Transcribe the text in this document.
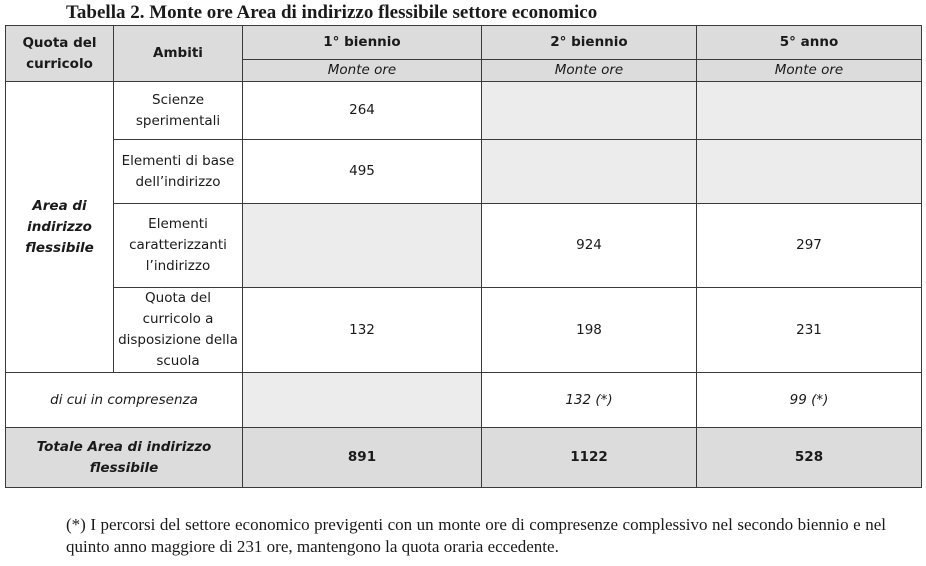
Tabella 2. Monte ore Area di indirizzo flessibile settore economico
Quota del curricolo	Ambiti	1° biennio	2° biennio	5° anno
		Monte ore	Monte ore	Monte ore
Area di indirizzo flessibile	Scienze sperimentali	264		
	Elementi di base dell’indirizzo	495		
	Elementi caratterizzanti l’indirizzo		924	297
	Quota del curricolo a disposizione della scuola	132	198	231
di cui in compresenza			132 (*)	99 (*)
Totale Area di indirizzo flessibile		891	1122	528
(*) I percorsi del settore economico previgenti con un monte ore di compresenze complessivo nel secondo biennio e nel quinto anno maggiore di 231 ore, mantengono la quota oraria eccedente.
